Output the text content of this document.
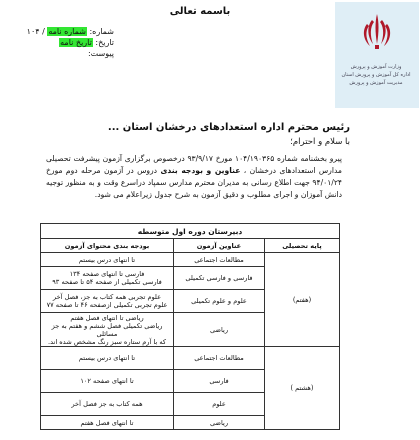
باسمه تعالی
شماره: شماره نامه / ۱۰۴
تاریخ: تاریخ نامه
پیوست:
وزارت آموزش و پرورش
اداره کل آموزش و پرورش استان
مدیریت آموزش و پرورش
رئیس محترم اداره استعدادهای درخشان استان ...
با سلام و احترام؛
پیرو بخشنامه شماره ۱۰۴/۱۹۰۳۶۵ مورخ ۹۳/۹/۱۷ درخصوص برگزاری آزمون پیشرفت تحصیلی مدارس استعدادهای درخشان ، عناوین و بودجه بندی دروس در آزمون مرحله دوم مورخ ۹۴/۰۱/۲۴ جهت اطلاع رسانی به مدیران محترم مدارس سمپاد دراسرع وقت و به منظور توجیه دانش آموزان و اجرای مطلوب و دقیق آزمون به شرح جدول زیراعلام می شود.
دبیرستان دوره اول متوسطه		
پایه تحصیلی	عناوین آزمون	بودجه بندی محتوای آزمون
(هفتم)	مطالعات اجتماعی	تا انتهای درس بیستم
	فارسی و فارسی تکمیلی	فارسی تا انتهای صفحه ۱۳۴
فارسی تکمیلی از صفحه ۵۴ تا صفحه ۹۳

	علوم و علوم تکمیلی	علوم تجربی همه کتاب به جز، فصل آخر
علوم تجربی تکمیلی ازصفحه ۴۶ تا صفحه ۷۷

	ریاضی	ریاضی تا انتهای فصل هفتم
ریاضی تکمیلی فصل ششم و هفتم به جز مسائلی
که با آرم ستاره سبز رنگ مشخص شده اند.

(هشتم )	مطالعات اجتماعی	تا انتهای درس بیستم
	فارسی	تا انتهای صفحه ۱۰۲
	علوم	همه کتاب به جز فصل آخر
	ریاضی	تا انتهای فصل هفتم
